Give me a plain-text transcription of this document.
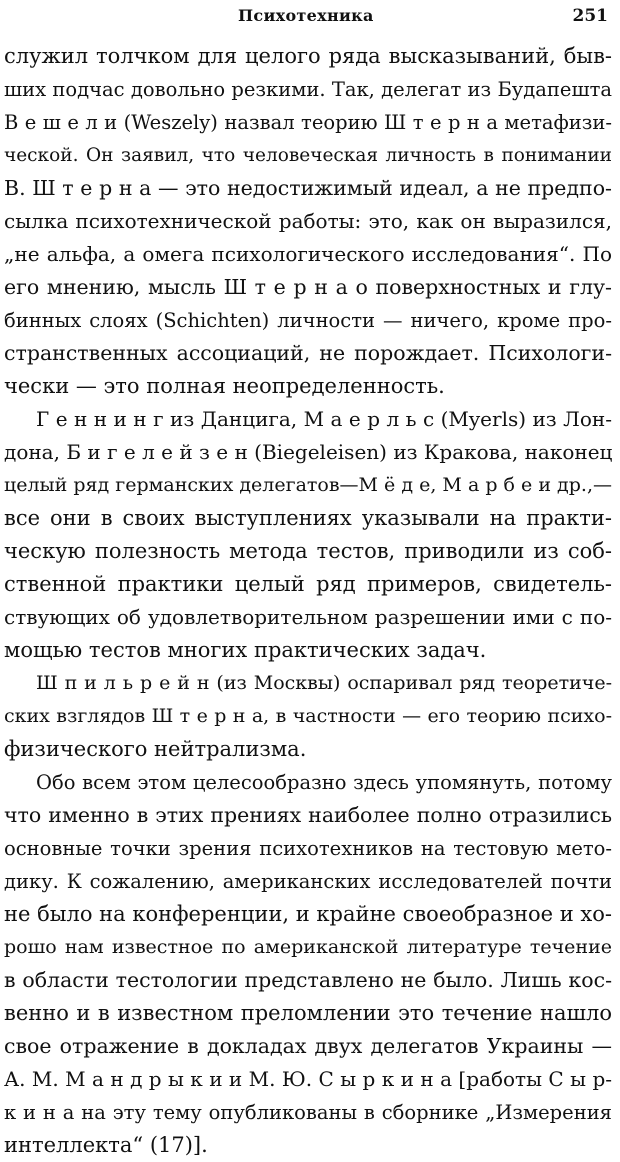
Психотехника	251
служил толчком для целого ряда высказываний, быв-
ших подчас довольно резкими. Так, делегат из Будапешта
В е ш е л и (Weszely) назвал теорию Ш т е р н а метафизи-
ческой. Он заявил, что человеческая личность в понимании
В. Ш т е р н а — это недостижимый идеал, а не предпо-
сылка психотехнической работы: это, как он выразился,
„не альфа, а омега психологического исследования“. По
его мнению, мысль Ш т е р н а о поверхностных и глу-
бинных слоях (Schichten) личности — ничего, кроме про-
странственных ассоциаций, не порождает. Психологи-
чески — это полная неопределенность.
Г е н н и н г из Данцига, М а е р л ь с (Myerls) из Лон-
дона, Б и г е л е й з е н (Biegeleisen) из Кракова, наконец
целый ряд германских делегатов—М ё д е, М а р б е и др.,—
все они в своих выступлениях указывали на практи-
ческую полезность метода тестов, приводили из соб-
ственной практики целый ряд примеров, свидетель-
ствующих об удовлетворительном разрешении ими с по-
мощью тестов многих практических задач.
Ш п и л ь р е й н (из Москвы) оспаривал ряд теоретиче-
ских взглядов Ш т е р н а, в частности — его теорию психо-
физического нейтрализма.
Обо всем этом целесообразно здесь упомянуть, потому
что именно в этих прениях наиболее полно отразились
основные точки зрения психотехников на тестовую мето-
дику. К сожалению, американских исследователей почти
не было на конференции, и крайне своеобразное и хо-
рошо нам известное по американской литературе течение
в области тестологии представлено не было. Лишь кос-
венно и в известном преломлении это течение нашло
свое отражение в докладах двух делегатов Украины —
А. М. М а н д р ы к и и М. Ю. С ы р к и н а [работы С ы р-
к и н а на эту тему опубликованы в сборнике „Измерения
интеллекта“ (17)].
